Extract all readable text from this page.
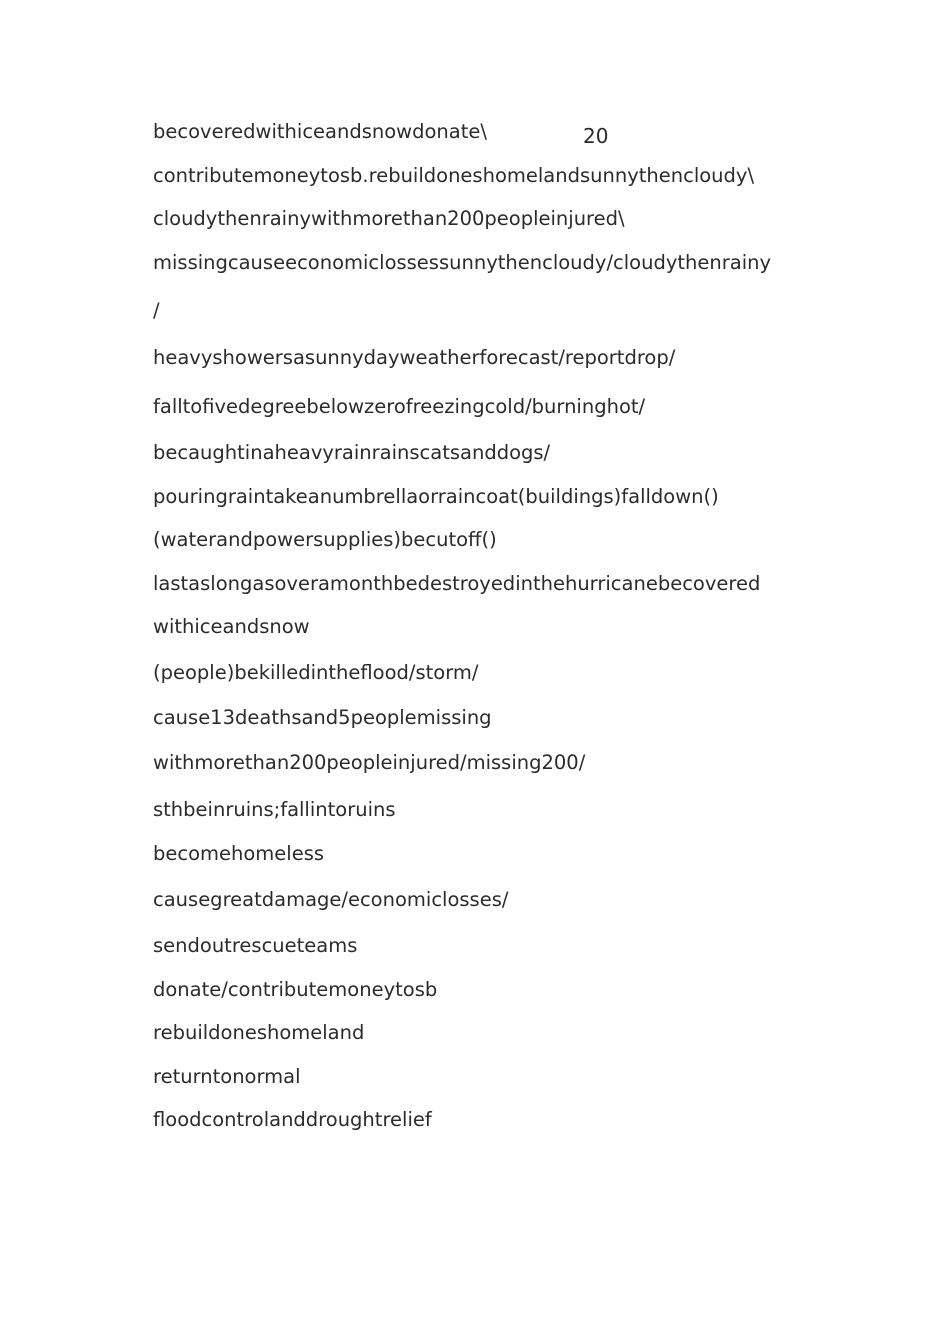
20
becoveredwithiceandsnowdonate\
contributemoneytosb.rebuildoneshomelandsunnythencloudy\
cloudythenrainywithmorethan200peopleinjured\
missingcauseeconomiclossessunnythencloudy/cloudythenrainy
/
heavyshowersasunnydayweatherforecast/reportdrop/
falltofivedegreebelowzerofreezingcold/burninghot/
becaughtinaheavyrainrainscatsanddogs/
pouringraintakeanumbrellaorraincoat(buildings)falldown()
(waterandpowersupplies)becutoff()
lastaslongasoveramonthbedestroyedinthehurricanebecovered
withiceandsnow
(people)bekilledintheflood/storm/
cause13deathsand5peoplemissing
withmorethan200peopleinjured/missing200/
sthbeinruins;fallintoruins
becomehomeless
causegreatdamage/economiclosses/
sendoutrescueteams
donate/contributemoneytosb
rebuildoneshomeland
returntonormal
floodcontrolanddroughtrelief
